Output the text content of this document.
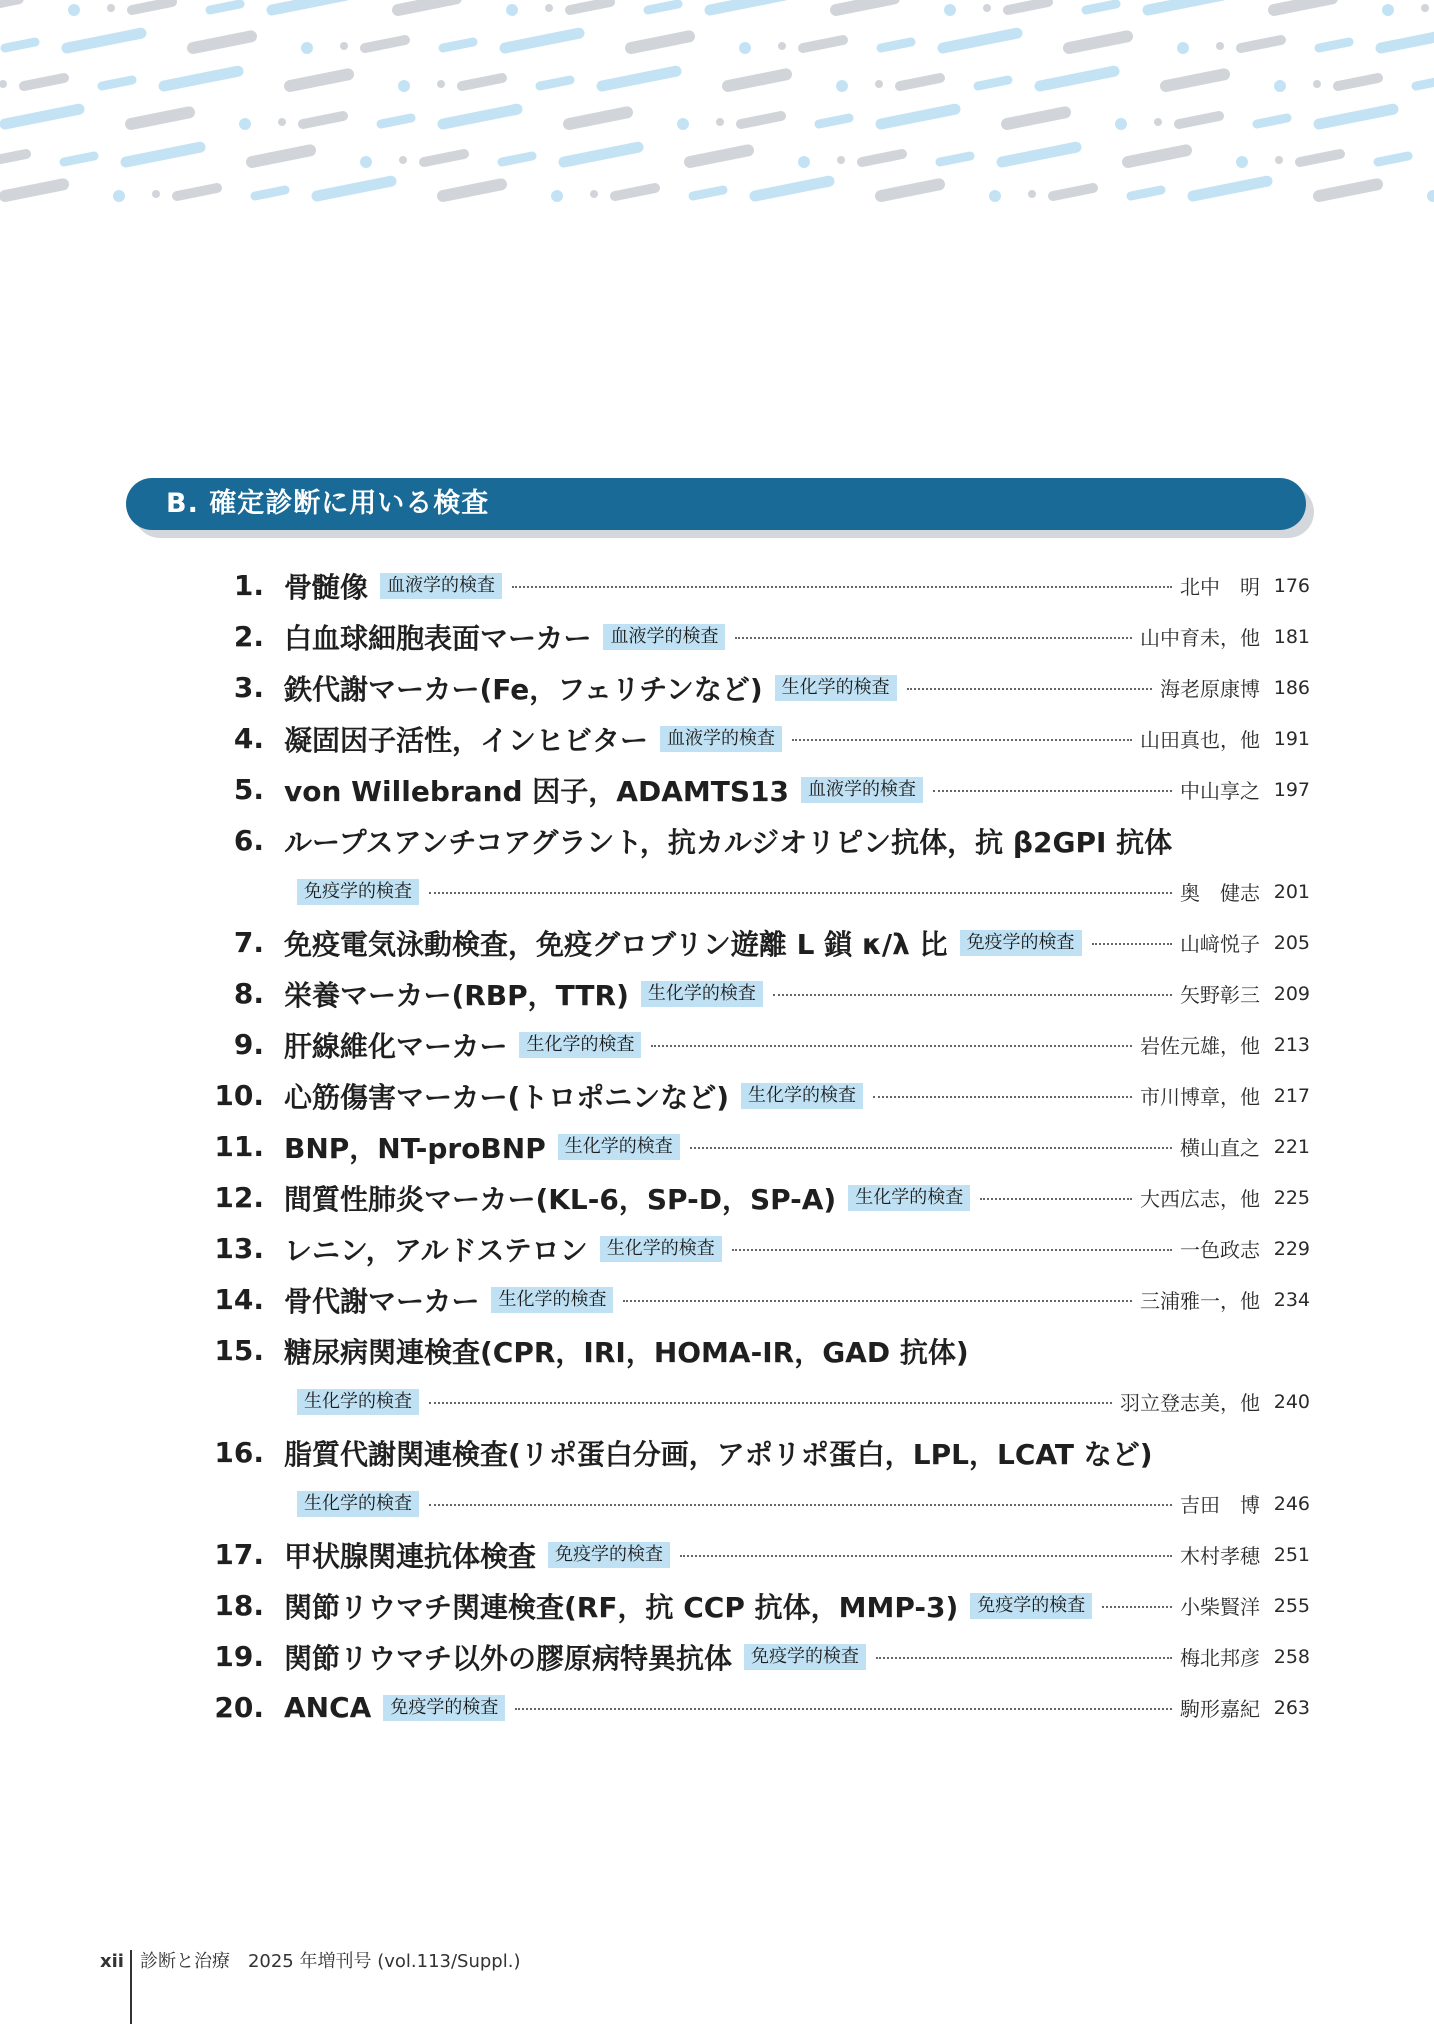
B. 確定診断に用いる検査
1. 骨髄像	血液学的検査	北中　明 176
2. 白血球細胞表面マーカー	血液学的検査	山中育未，他 181
3. 鉄代謝マーカー(Fe，フェリチンなど)	生化学的検査	海老原康博 186
4. 凝固因子活性，インヒビター	血液学的検査	山田真也，他 191
5. von Willebrand 因子，ADAMTS13	血液学的検査	中山享之 197
6. ループスアンチコアグラント，抗カルジオリピン抗体，抗 β2GPI 抗体
免疫学的検査	奥　健志 201
7. 免疫電気泳動検査，免疫グロブリン遊離 L 鎖 κ/λ 比	免疫学的検査	山﨑悦子 205
8. 栄養マーカー(RBP，TTR)	生化学的検査	矢野彰三 209
9. 肝線維化マーカー	生化学的検査	岩佐元雄，他 213
10. 心筋傷害マーカー(トロポニンなど)	生化学的検査	市川博章，他 217
11. BNP，NT-proBNP	生化学的検査	横山直之 221
12. 間質性肺炎マーカー(KL-6，SP-D，SP-A)	生化学的検査	大西広志，他 225
13. レニン，アルドステロン	生化学的検査	一色政志 229
14. 骨代謝マーカー	生化学的検査	三浦雅一，他 234
15. 糖尿病関連検査(CPR，IRI，HOMA-IR，GAD 抗体)
生化学的検査	羽立登志美，他 240
16. 脂質代謝関連検査(リポ蛋白分画，アポリポ蛋白，LPL，LCAT など)
生化学的検査	吉田　博 246
17. 甲状腺関連抗体検査	免疫学的検査	木村孝穂 251
18. 関節リウマチ関連検査(RF，抗 CCP 抗体，MMP-3)	免疫学的検査	小柴賢洋 255
19. 関節リウマチ以外の膠原病特異抗体	免疫学的検査	梅北邦彦 258
20. ANCA	免疫学的検査	駒形嘉紀 263
xii 診断と治療　 2025 年増刊号 (vol.113/Suppl.)
